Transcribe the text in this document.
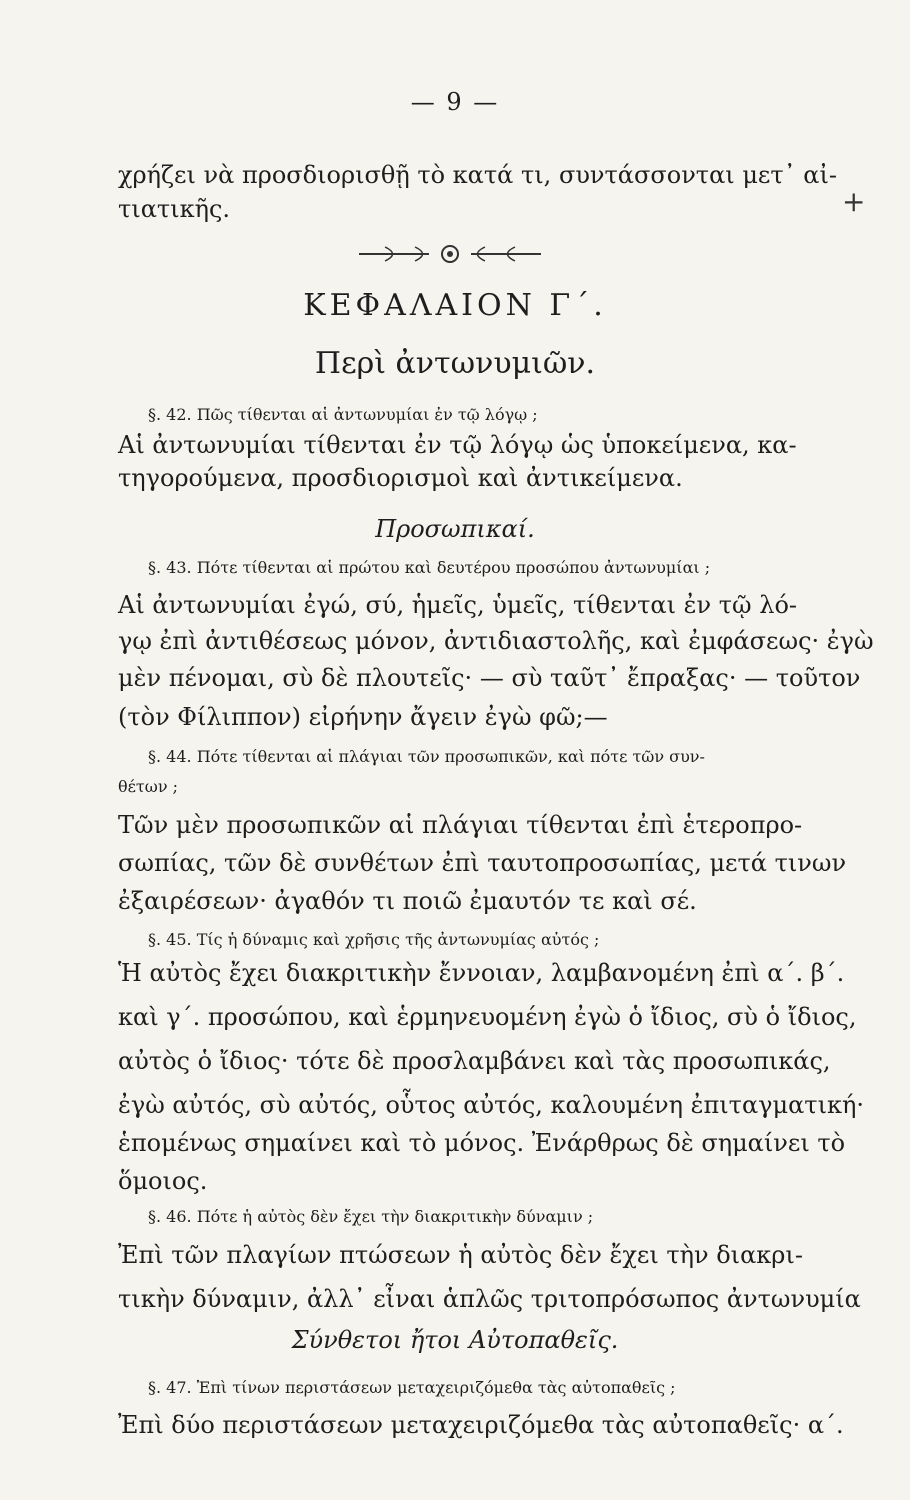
— 9 —
+
χρήζει νὰ προσδιορισθῇ τὸ κατά τι, συντάσσονται μετ᾽ αἰ-
τιατικῆς.
ΚΕΦΑΛΑΙΟΝ Γ΄.
Περὶ ἀντωνυμιῶν.
§. 42. Πῶς τίθενται αἱ ἀντωνυμίαι ἐν τῷ λόγῳ ;
Αἱ ἀντωνυμίαι τίθενται ἐν τῷ λόγῳ ὡς ὑποκείμενα, κα-
τηγορούμενα, προσδιορισμοὶ καὶ ἀντικείμενα.
Προσωπικαί.
§. 43. Πότε τίθενται αἱ πρώτου καὶ δευτέρου προσώπου ἀντωνυμίαι ;
Αἱ ἀντωνυμίαι ἐγώ, σύ, ἡμεῖς, ὑμεῖς, τίθενται ἐν τῷ λό-
γῳ ἐπὶ ἀντιθέσεως μόνον, ἀντιδιαστολῆς, καὶ ἐμφάσεως· ἐγὼ
μὲν πένομαι, σὺ δὲ πλουτεῖς· — σὺ ταῦτ᾽ ἔπραξας· — τοῦτον
(τὸν Φίλιππον) εἰρήνην ἄγειν ἐγὼ φῶ;—
§. 44. Πότε τίθενται αἱ πλάγιαι τῶν προσωπικῶν, καὶ πότε τῶν συν-
θέτων ;
Τῶν μὲν προσωπικῶν αἱ πλάγιαι τίθενται ἐπὶ ἑτεροπρο-
σωπίας, τῶν δὲ συνθέτων ἐπὶ ταυτοπροσωπίας, μετά τινων
ἐξαιρέσεων· ἀγαθόν τι ποιῶ ἐμαυτόν τε καὶ σέ.
§. 45. Τίς ἡ δύναμις καὶ χρῆσις τῆς ἀντωνυμίας αὐτός ;
Ἡ αὐτὸς ἔχει διακριτικὴν ἔννοιαν, λαμβανομένη ἐπὶ α΄. β΄.
καὶ γ΄. προσώπου, καὶ ἑρμηνευομένη ἐγὼ ὁ ἴδιος, σὺ ὁ ἴδιος,
αὐτὸς ὁ ἴδιος· τότε δὲ προσλαμβάνει καὶ τὰς προσωπικάς,
ἐγὼ αὐτός, σὺ αὐτός, οὗτος αὐτός, καλουμένη ἐπιταγματική·
ἑπομένως σημαίνει καὶ τὸ μόνος. Ἐνάρθρως δὲ σημαίνει τὸ
ὅμοιος.
§. 46. Πότε ἡ αὐτὸς δὲν ἔχει τὴν διακριτικὴν δύναμιν ;
Ἐπὶ τῶν πλαγίων πτώσεων ἡ αὐτὸς δὲν ἔχει τὴν διακρι-
τικὴν δύναμιν, ἀλλ᾽ εἶναι ἁπλῶς τριτοπρόσωπος ἀντωνυμία
Σύνθετοι ἤτοι Αὐτοπαθεῖς.
§. 47. Ἐπὶ τίνων περιστάσεων μεταχειριζόμεθα τὰς αὐτοπαθεῖς ;
Ἐπὶ δύο περιστάσεων μεταχειριζόμεθα τὰς αὐτοπαθεῖς· α΄.
